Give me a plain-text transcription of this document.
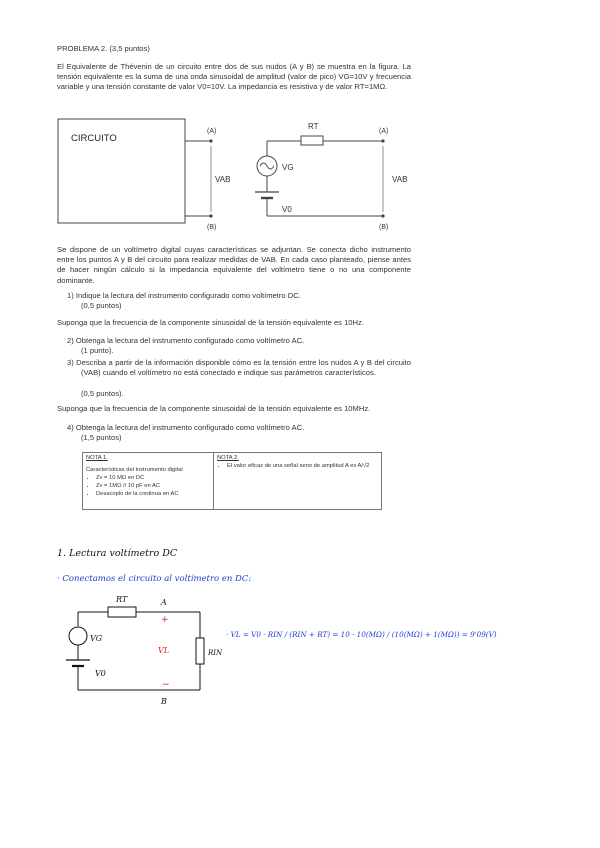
PROBLEMA 2. (3,5 puntos)
El Equivalente de Thévenin de un circuito entre dos de sus nudos (A y B) se muestra en la figura. La tensión equivalente es la suma de una onda sinusoidal de amplitud (valor de pico) VG=10V y frecuencia variable y una tensión constante de valor V0=10V. La impedancia es resistiva y de valor RT=1MΩ.
CIRCUITO
(A)
(B)
VAB
RT
(A)
VG
V0
(B)
VAB
Se dispone de un voltímetro digital cuyas características se adjuntan. Se conecta dicho instrumento entre los puntos A y B del circuito para realizar medidas de VAB. En cada caso planteado, piense antes de hacer ningún cálculo si la impedancia equivalente del voltímetro tiene o no una componente dominante.
1) Indique la lectura del instrumento configurado como voltímetro DC.
(0,5 puntos)
Suponga que la frecuencia de la componente sinusoidal de la tensión equivalente es 10Hz.
2) Obtenga la lectura del instrumento configurado como voltímetro AC.
(1 punto).
3) Describa a partir de la información disponible cómo es la tensión entre los nudos A y B del circuito (VAB) cuando el voltímetro no está conectado e indique sus parámetros característicos.
(0,5 puntos).
Suponga que la frecuencia de la componente sinusoidal de la tensión equivalente es 10MHz.
4) Obtenga la lectura del instrumento configurado como voltímetro AC.
(1,5 puntos)
NOTA 1.
Características del instrumento digital
• Zv = 10 MΩ en DC
• Zv = 1MΩ // 10 pF en AC
• Desacoplo de la continua en AC

NOTA 2.
• El valor eficaz de una señal seno de amplitud A es A/√2
1. Lectura voltímetro DC
· Conectamos el circuito al voltímetro en DC:
RT	A
+
RIN
VG
V0
−
B
VL
· VL = V0 · RIN / (RIN + RT) = 10 · 10(MΩ) / (10(MΩ) + 1(MΩ)) = 9'09(V)
